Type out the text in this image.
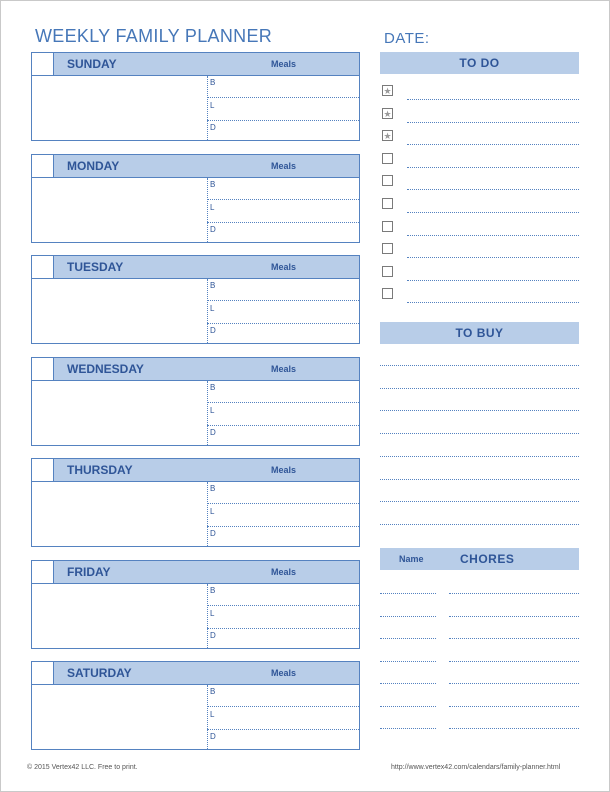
WEEKLY FAMILY PLANNER	DATE:
SUNDAY	Meals
B
L
D
MONDAY	Meals
B
L
D
TUESDAY	Meals
B
L
D
WEDNESDAY	Meals
B
L
D
THURSDAY	Meals
B
L
D
FRIDAY	Meals
B
L
D
SATURDAY	Meals
B
L
D
TO DO
★
★
★
TO BUY
Name	CHORES
© 2015 Vertex42 LLC. Free to print.	http://www.vertex42.com/calendars/family-planner.html
